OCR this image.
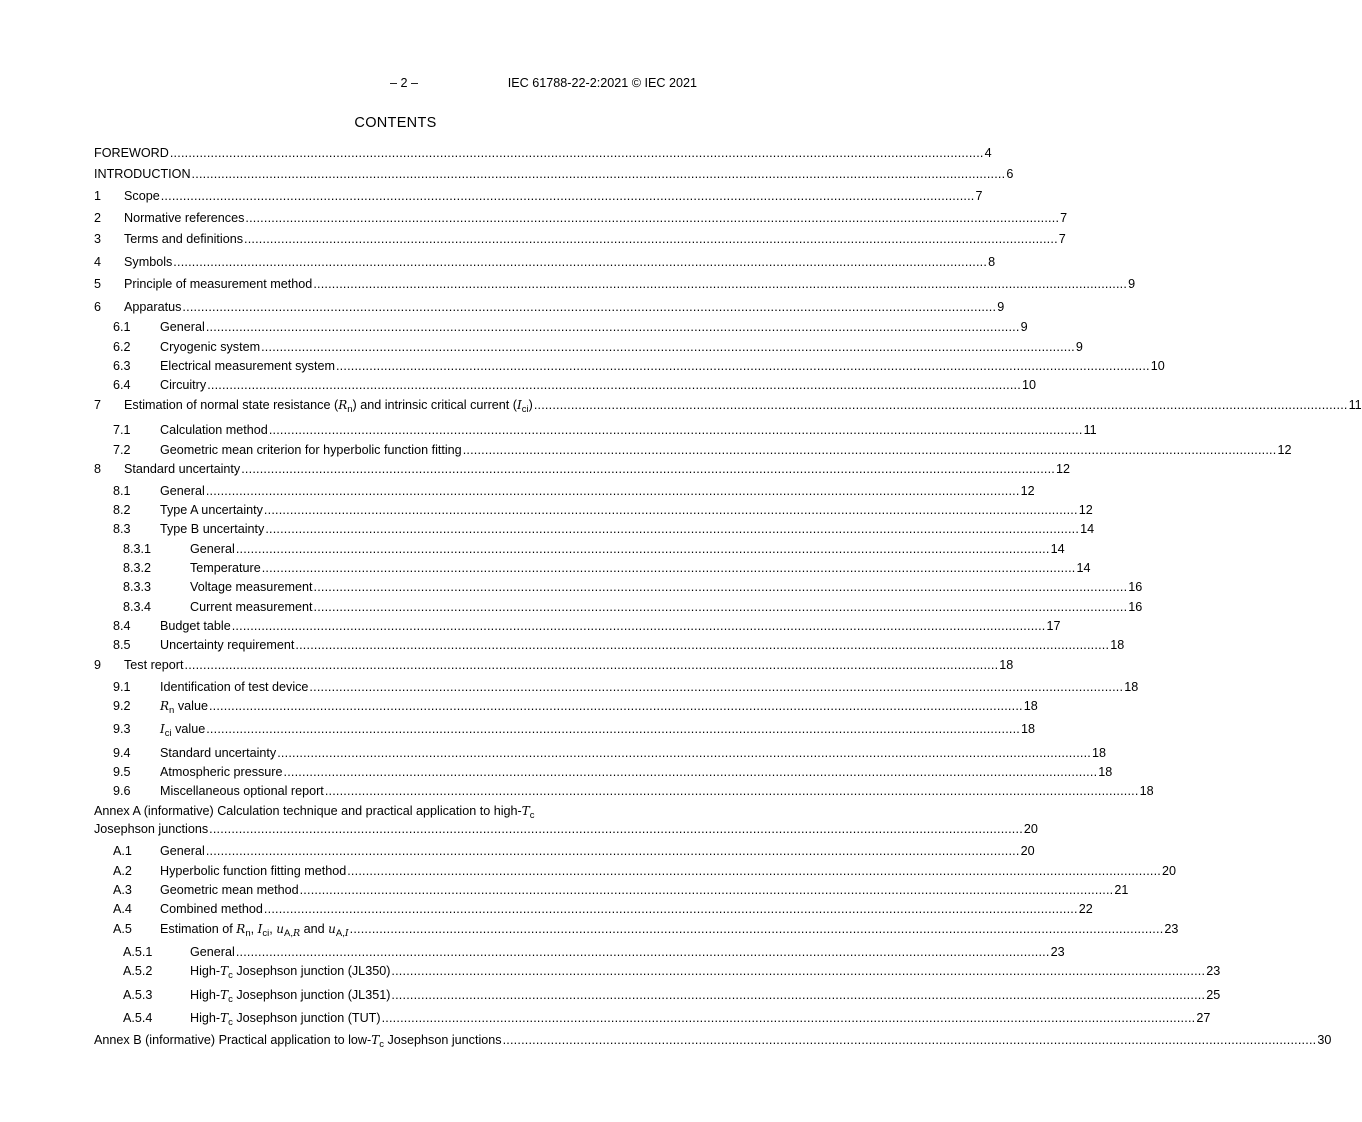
– 2 –	IEC 61788-22-2:2021 © IEC 2021
CONTENTS
FOREWORD ............................................................................................................................................................................................................................ 4
INTRODUCTION ............................................................................................................................................................................................................................ 6
1 Scope ............................................................................................................................................................................................................................ 7
2 Normative references ............................................................................................................................................................................................................................ 7
3 Terms and definitions ............................................................................................................................................................................................................................ 7
4 Symbols ............................................................................................................................................................................................................................ 8
5 Principle of measurement method ............................................................................................................................................................................................................................ 9
6 Apparatus ............................................................................................................................................................................................................................ 9
6.1 General ............................................................................................................................................................................................................................ 9
6.2 Cryogenic system ............................................................................................................................................................................................................................ 9
6.3 Electrical measurement system ............................................................................................................................................................................................................................ 10
6.4 Circuitry ............................................................................................................................................................................................................................ 10
7 Estimation of normal state resistance $(R_n)$ and intrinsic critical current $(I_{ci})$ ............................................................................................................................................................................................................................ 11
7.1 Calculation method ............................................................................................................................................................................................................................ 11
7.2 Geometric mean criterion for hyperbolic function fitting ............................................................................................................................................................................................................................ 12
8 Standard uncertainty ............................................................................................................................................................................................................................ 12
8.1 General ............................................................................................................................................................................................................................ 12
8.2 Type A uncertainty ............................................................................................................................................................................................................................ 12
8.3 Type B uncertainty ............................................................................................................................................................................................................................ 14
8.3.1	General ............................................................................................................................................................................................................................ 14
8.3.2	Temperature ............................................................................................................................................................................................................................ 14
8.3.3	Voltage measurement ............................................................................................................................................................................................................................ 16
8.3.4	Current measurement ............................................................................................................................................................................................................................ 16
8.4 Budget table ............................................................................................................................................................................................................................ 17
8.5 Uncertainty requirement ............................................................................................................................................................................................................................ 18
9 Test report ............................................................................................................................................................................................................................ 18
9.1 Identification of test device ............................................................................................................................................................................................................................ 18
9.2 $R_n$ value ............................................................................................................................................................................................................................ 18
9.3 $I_{ci}$ value ............................................................................................................................................................................................................................ 18
9.4 Standard uncertainty ............................................................................................................................................................................................................................ 18
9.5 Atmospheric pressure ............................................................................................................................................................................................................................ 18
9.6 Miscellaneous optional report ............................................................................................................................................................................................................................ 18
Annex A (informative) Calculation technique and practical application to high-$T_c$
Josephson junctions ............................................................................................................................................................................................................................ 20
A.1 General ............................................................................................................................................................................................................................ 20
A.2 Hyperbolic function fitting method ............................................................................................................................................................................................................................ 20
A.3 Geometric mean method ............................................................................................................................................................................................................................ 21
A.4 Combined method ............................................................................................................................................................................................................................ 22
A.5 Estimation of $R_n$, $I_{ci}$, $u_{A,R}$ and $u_{A,I}$ ............................................................................................................................................................................................................................ 23
A.5.1	General ............................................................................................................................................................................................................................ 23
A.5.2	High-$T_c$ Josephson junction (JL350) ............................................................................................................................................................................................................................ 23
A.5.3	High-$T_c$ Josephson junction (JL351) ............................................................................................................................................................................................................................ 25
A.5.4	High-$T_c$ Josephson junction (TUT) ............................................................................................................................................................................................................................ 27
Annex B (informative) Practical application to low-$T_c$ Josephson junctions ............................................................................................................................................................................................................................ 30
